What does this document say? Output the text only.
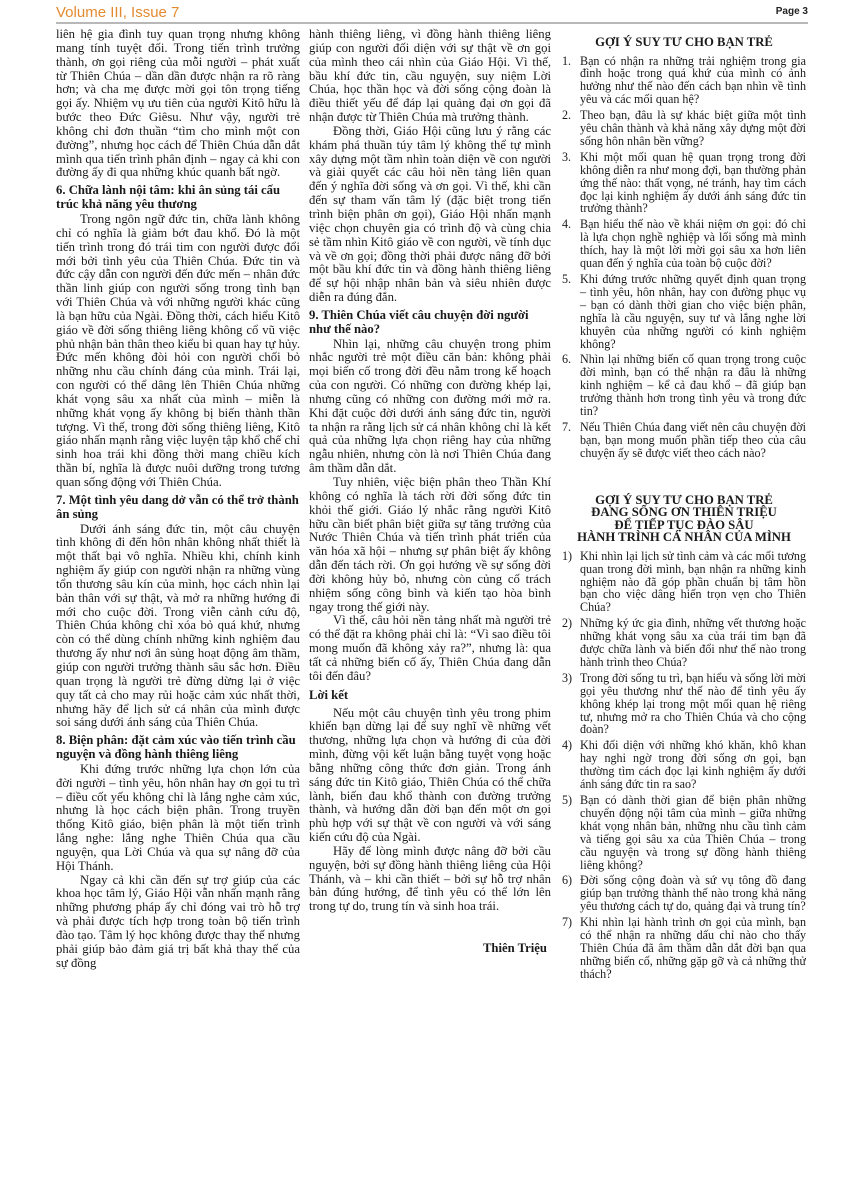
Volume III, Issue 7	Page 3

liên hệ gia đình tuy quan trọng nhưng không mang tính tuyệt đối. Trong tiến trình trưởng thành, ơn gọi riêng của mỗi người – phát xuất từ Thiên Chúa – dần dần được nhận ra rõ ràng hơn; và cha mẹ được mời gọi tôn trọng tiếng gọi ấy. Nhiệm vụ ưu tiên của người Kitô hữu là bước theo Đức Giêsu. Như vậy, người trẻ không chỉ đơn thuần “tìm cho mình một con đường”, nhưng học cách để Thiên Chúa dẫn dắt mình qua tiến trình phân định – ngay cả khi con đường ấy đi qua những khúc quanh bất ngờ.

6. Chữa lành nội tâm: khi ân sủng tái cấu trúc khả năng yêu thương

Trong ngôn ngữ đức tin, chữa lành không chỉ có nghĩa là giảm bớt đau khổ. Đó là một tiến trình trong đó trái tim con người được đổi mới bởi tình yêu của Thiên Chúa. Đức tin và đức cậy dẫn con người đến đức mến – nhân đức thần linh giúp con người sống trong tình bạn với Thiên Chúa và với những người khác cũng là bạn hữu của Ngài. Đồng thời, cách hiểu Kitô giáo về đời sống thiêng liêng không cổ vũ việc phủ nhận bản thân theo kiểu bi quan hay tự hủy. Đức mến không đòi hỏi con người chối bỏ những nhu cầu chính đáng của mình. Trái lại, con người có thể dâng lên Thiên Chúa những khát vọng sâu xa nhất của mình – miễn là những khát vọng ấy không bị biến thành thần tượng. Vì thế, trong đời sống thiêng liêng, Kitô giáo nhấn mạnh rằng việc luyện tập khổ chế chỉ sinh hoa trái khi đồng thời mang chiều kích thần bí, nghĩa là được nuôi dưỡng trong tương quan sống động với Thiên Chúa.

7. Một tình yêu dang dở vẫn có thể trở thành ân sủng

Dưới ánh sáng đức tin, một câu chuyện tình không đi đến hôn nhân không nhất thiết là một thất bại vô nghĩa. Nhiều khi, chính kinh nghiệm ấy giúp con người nhận ra những vùng tổn thương sâu kín của mình, học cách nhìn lại bản thân với sự thật, và mở ra những hướng đi mới cho cuộc đời. Trong viễn cảnh cứu độ, Thiên Chúa không chỉ xóa bỏ quá khứ, nhưng còn có thể dùng chính những kinh nghiệm đau thương ấy như nơi ân sủng hoạt động âm thầm, giúp con người trưởng thành sâu sắc hơn. Điều quan trọng là người trẻ đừng dừng lại ở việc quy tất cả cho may rủi hoặc cảm xúc nhất thời, nhưng hãy để lịch sử cá nhân của mình được soi sáng dưới ánh sáng của Thiên Chúa.

8. Biện phân: đặt cảm xúc vào tiến trình cầu nguyện và đồng hành thiêng liêng

Khi đứng trước những lựa chọn lớn của đời người – tình yêu, hôn nhân hay ơn gọi tu trì – điều cốt yếu không chỉ là lắng nghe cảm xúc, nhưng là học cách biện phân. Trong truyền thống Kitô giáo, biện phân là một tiến trình lắng nghe: lắng nghe Thiên Chúa qua cầu nguyện, qua Lời Chúa và qua sự nâng đỡ của Hội Thánh.

Ngay cả khi cần đến sự trợ giúp của các khoa học tâm lý, Giáo Hội vẫn nhấn mạnh rằng những phương pháp ấy chỉ đóng vai trò hỗ trợ và phải được tích hợp trong toàn bộ tiến trình đào tạo. Tâm lý học không được thay thế nhưng phải giúp bảo đảm giá trị bất khả thay thế của sự đồng

hành thiêng liêng, vì đồng hành thiêng liêng giúp con người đối diện với sự thật về ơn gọi của mình theo cái nhìn của Giáo Hội. Vì thế, bầu khí đức tin, cầu nguyện, suy niệm Lời Chúa, học thần học và đời sống cộng đoàn là điều thiết yếu để đáp lại quảng đại ơn gọi đã nhận được từ Thiên Chúa mà trưởng thành.

Đồng thời, Giáo Hội cũng lưu ý rằng các khám phá thuần túy tâm lý không thể tự mình xây dựng một tầm nhìn toàn diện về con người và giải quyết các câu hỏi nền tảng liên quan đến ý nghĩa đời sống và ơn gọi. Vì thế, khi cần đến sự tham vấn tâm lý (đặc biệt trong tiến trình biện phân ơn gọi), Giáo Hội nhấn mạnh việc chọn chuyên gia có trình độ và cùng chia sẻ tầm nhìn Kitô giáo về con người, về tính dục và về ơn gọi; đồng thời phải được nâng đỡ bởi một bầu khí đức tin và đồng hành thiêng liêng để sự hội nhập nhân bản và siêu nhiên được diễn ra đúng đắn.

9. Thiên Chúa viết câu chuyện đời người như thế nào?

Nhìn lại, những câu chuyện trong phim nhắc người trẻ một điều căn bản: không phải mọi biến cố trong đời đều nằm trong kế hoạch của con người. Có những con đường khép lại, nhưng cũng có những con đường mới mở ra. Khi đặt cuộc đời dưới ánh sáng đức tin, người ta nhận ra rằng lịch sử cá nhân không chỉ là kết quả của những lựa chọn riêng hay của những ngẫu nhiên, nhưng còn là nơi Thiên Chúa đang âm thầm dẫn dắt.

Tuy nhiên, việc biện phân theo Thần Khí không có nghĩa là tách rời đời sống đức tin khỏi thế giới. Giáo lý nhắc rằng người Kitô hữu cần biết phân biệt giữa sự tăng trưởng của Nước Thiên Chúa và tiến trình phát triển của văn hóa xã hội – nhưng sự phân biệt ấy không dẫn đến tách rời. Ơn gọi hướng về sự sống đời đời không hủy bỏ, nhưng còn củng cố trách nhiệm sống công bình và kiến tạo hòa bình ngay trong thế giới này.

Vì thế, câu hỏi nền tảng nhất mà người trẻ có thể đặt ra không phải chỉ là: “Vì sao điều tôi mong muốn đã không xảy ra?”, nhưng là: qua tất cả những biến cố ấy, Thiên Chúa đang dẫn tôi đến đâu?

Lời kết

Nếu một câu chuyện tình yêu trong phim khiến bạn dừng lại để suy nghĩ về những vết thương, những lựa chọn và hướng đi của đời mình, đừng vội kết luận bằng tuyệt vọng hoặc bằng những công thức đơn giản. Trong ánh sáng đức tin Kitô giáo, Thiên Chúa có thể chữa lành, biến đau khổ thành con đường trưởng thành, và hướng dẫn đời bạn đến một ơn gọi phù hợp với sự thật về con người và với sáng kiến cứu độ của Ngài.

Hãy để lòng mình được nâng đỡ bởi cầu nguyện, bởi sự đồng hành thiêng liêng của Hội Thánh, và – khi cần thiết – bởi sự hỗ trợ nhân bản đúng hướng, để tình yêu có thể lớn lên trong tự do, trung tín và sinh hoa trái.

Thiên Triệu
GỢI Ý SUY TƯ CHO BẠN TRẺ
1. Bạn có nhận ra những trải nghiệm trong gia đình hoặc trong quá khứ của mình có ảnh hưởng như thế nào đến cách bạn nhìn về tình yêu và các mối quan hệ?
2. Theo bạn, đâu là sự khác biệt giữa một tình yêu chân thành và khả năng xây dựng một đời sống hôn nhân bền vững?
3. Khi một mối quan hệ quan trọng trong đời không diễn ra như mong đợi, bạn thường phản ứng thế nào: thất vọng, né tránh, hay tìm cách đọc lại kinh nghiệm ấy dưới ánh sáng đức tin trưởng thành?
4. Bạn hiểu thế nào về khái niệm ơn gọi: đó chỉ là lựa chọn nghề nghiệp và lối sống mà mình thích, hay là một lời mời gọi sâu xa hơn liên quan đến ý nghĩa của toàn bộ cuộc đời?
5. Khi đứng trước những quyết định quan trọng – tình yêu, hôn nhân, hay con đường phục vụ – bạn có dành thời gian cho việc biện phân, nghĩa là cầu nguyện, suy tư và lắng nghe lời khuyên của những người có kinh nghiệm không?
6. Nhìn lại những biến cố quan trọng trong cuộc đời mình, bạn có thể nhận ra đâu là những kinh nghiệm – kể cả đau khổ – đã giúp bạn trưởng thành hơn trong tình yêu và trong đức tin?
7. Nếu Thiên Chúa đang viết nên câu chuyện đời bạn, bạn mong muốn phần tiếp theo của câu chuyện ấy sẽ được viết theo cách nào?
GỢI Ý SUY TƯ CHO BẠN TRẺ
ĐANG SỐNG ƠN THIÊN TRIỆU
ĐỂ TIẾP TỤC ĐÀO SÂU
HÀNH TRÌNH CÁ NHÂN CỦA MÌNH
1) Khi nhìn lại lịch sử tình cảm và các mối tương quan trong đời mình, bạn nhận ra những kinh nghiệm nào đã góp phần chuẩn bị tâm hồn bạn cho việc dâng hiến trọn vẹn cho Thiên Chúa?
2) Những ký ức gia đình, những vết thương hoặc những khát vọng sâu xa của trái tim bạn đã được chữa lành và biến đổi như thế nào trong hành trình theo Chúa?
3) Trong đời sống tu trì, bạn hiểu và sống lời mời gọi yêu thương như thế nào để tình yêu ấy không khép lại trong một mối quan hệ riêng tư, nhưng mở ra cho Thiên Chúa và cho cộng đoàn?
4) Khi đối diện với những khó khăn, khô khan hay nghi ngờ trong đời sống ơn gọi, bạn thường tìm cách đọc lại kinh nghiệm ấy dưới ánh sáng đức tin ra sao?
5) Bạn có dành thời gian để biện phân những chuyển động nội tâm của mình – giữa những khát vọng nhân bản, những nhu cầu tình cảm và tiếng gọi sâu xa của Thiên Chúa – trong cầu nguyện và trong sự đồng hành thiêng liêng không?
6) Đời sống cộng đoàn và sứ vụ tông đồ đang giúp bạn trưởng thành thế nào trong khả năng yêu thương cách tự do, quảng đại và trung tín?
7) Khi nhìn lại hành trình ơn gọi của mình, bạn có thể nhận ra những dấu chỉ nào cho thấy Thiên Chúa đã âm thầm dẫn dắt đời bạn qua những biến cố, những gặp gỡ và cả những thử thách?
